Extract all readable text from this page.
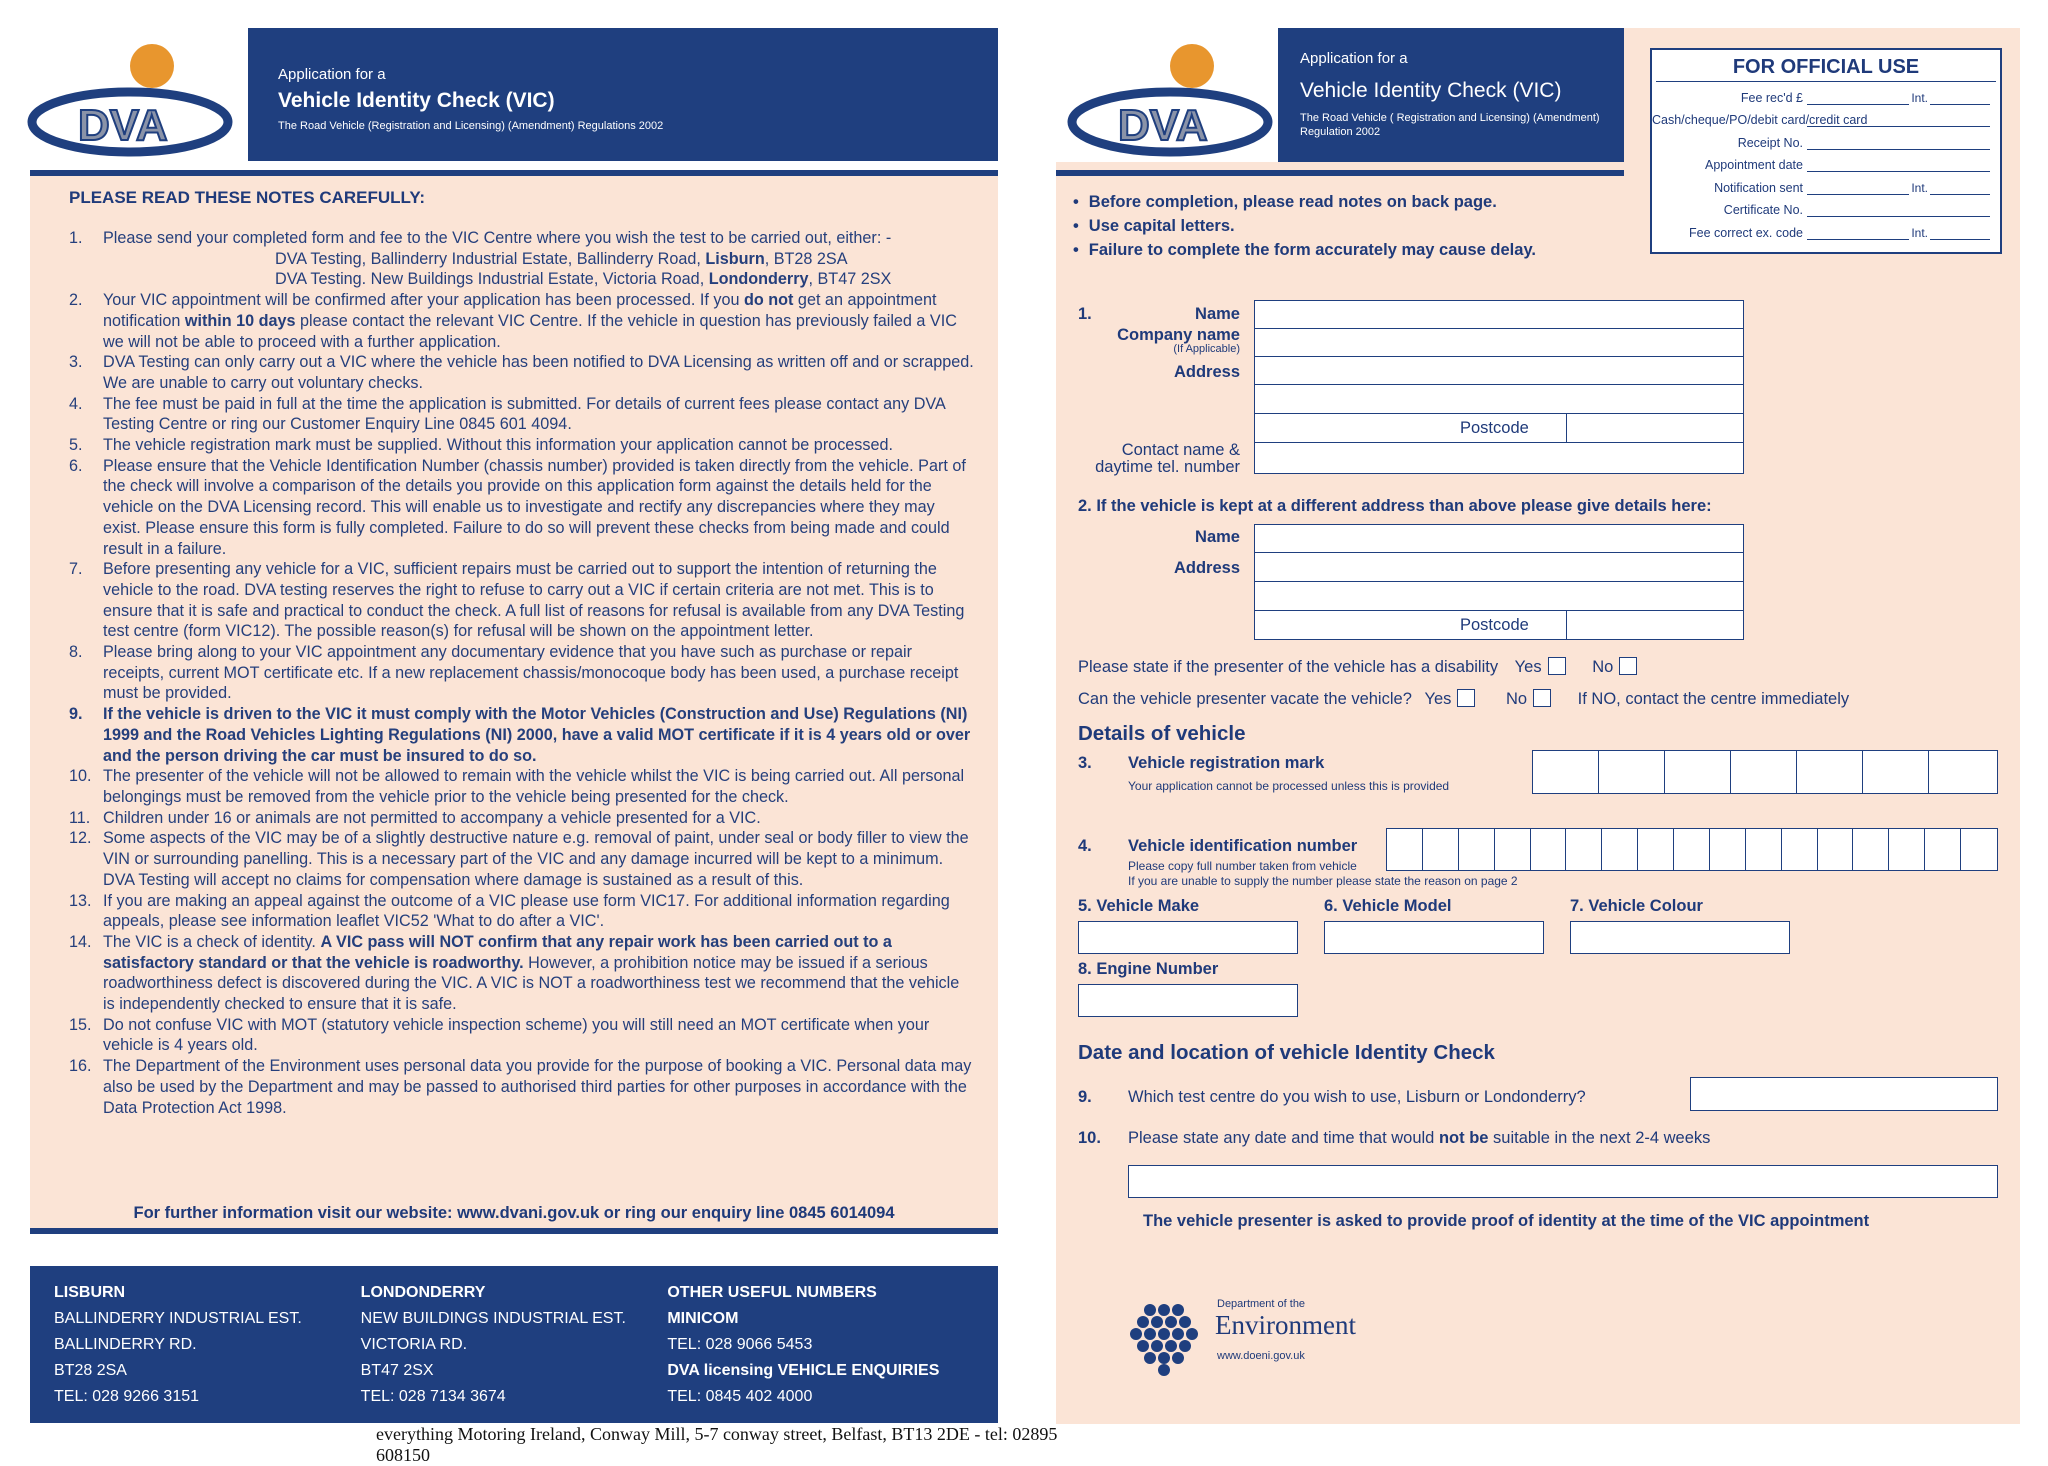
DVA
Application for a
Vehicle Identity Check (VIC)
The Road Vehicle (Registration and Licensing) (Amendment) Regulations 2002
PLEASE READ THESE NOTES CAREFULLY:
1.	Please send your completed form and fee to the VIC Centre where you wish the test to be carried out, either: -
DVA Testing, Ballinderry Industrial Estate, Ballinderry Road, Lisburn, BT28 2SA
DVA Testing. New Buildings Industrial Estate, Victoria Road, Londonderry, BT47 2SX
2.	Your VIC appointment will be confirmed after your application has been processed. If you do not get an appointment notification within 10 days please contact the relevant VIC Centre. If the vehicle in question has previously failed a VIC we will not be able to proceed with a further application.
3.	DVA Testing can only carry out a VIC where the vehicle has been notified to DVA Licensing as written off and or scrapped.
We are unable to carry out voluntary checks.
4.	The fee must be paid in full at the time the application is submitted. For details of current fees please contact any DVA Testing Centre or ring our Customer Enquiry Line 0845 601 4094.
5.	The vehicle registration mark must be supplied. Without this information your application cannot be processed.
6.	Please ensure that the Vehicle Identification Number (chassis number) provided is taken directly from the vehicle. Part of the check will involve a comparison of the details you provide on this application form against the details held for the vehicle on the DVA Licensing record. This will enable us to investigate and rectify any discrepancies where they may exist. Please ensure this form is fully completed. Failure to do so will prevent these checks from being made and could result in a failure.
7.	Before presenting any vehicle for a VIC, sufficient repairs must be carried out to support the intention of returning the vehicle to the road. DVA testing reserves the right to refuse to carry out a VIC if certain criteria are not met. This is to ensure that it is safe and practical to conduct the check. A full list of reasons for refusal is available from any DVA Testing test centre (form VIC12). The possible reason(s) for refusal will be shown on the appointment letter.
8.	Please bring along to your VIC appointment any documentary evidence that you have such as purchase or repair receipts, current MOT certificate etc. If a new replacement chassis/monocoque body has been used, a purchase receipt must be provided.
9.	If the vehicle is driven to the VIC it must comply with the Motor Vehicles (Construction and Use) Regulations (NI) 1999 and the Road Vehicles Lighting Regulations (NI) 2000, have a valid MOT certificate if it is 4 years old or over and the person driving the car must be insured to do so.
10. The presenter of the vehicle will not be allowed to remain with the vehicle whilst the VIC is being carried out. All personal belongings must be removed from the vehicle prior to the vehicle being presented for the check.
11. Children under 16 or animals are not permitted to accompany a vehicle presented for a VIC.
12. Some aspects of the VIC may be of a slightly destructive nature e.g. removal of paint, under seal or body filler to view the VIN or surrounding panelling. This is a necessary part of the VIC and any damage incurred will be kept to a minimum. DVA Testing will accept no claims for compensation where damage is sustained as a result of this.
13. If you are making an appeal against the outcome of a VIC please use form VIC17. For additional information regarding appeals, please see information leaflet VIC52 'What to do after a VIC'.
14. The VIC is a check of identity. A VIC pass will NOT confirm that any repair work has been carried out to a satisfactory standard or that the vehicle is roadworthy. However, a prohibition notice may be issued if a serious roadworthiness defect is discovered during the VIC. A VIC is NOT a roadworthiness test we recommend that the vehicle is independently checked to ensure that it is safe.
15. Do not confuse VIC with MOT (statutory vehicle inspection scheme) you will still need an MOT certificate when your vehicle is 4 years old.
16. The Department of the Environment uses personal data you provide for the purpose of booking a VIC. Personal data may also be used by the Department and may be passed to authorised third parties for other purposes in accordance with the Data Protection Act 1998.
For further information visit our website: www.dvani.gov.uk or ring our enquiry line 0845 6014094
LISBURN
BALLINDERRY INDUSTRIAL EST.
BALLINDERRY RD.
BT28 2SA
TEL: 028 9266 3151
LONDONDERRY
NEW BUILDINGS INDUSTRIAL EST.
VICTORIA RD.
BT47 2SX
TEL: 028 7134 3674
OTHER USEFUL NUMBERS
MINICOM
TEL: 028 9066 5453
DVA licensing VEHICLE ENQUIRIES
TEL: 0845 402 4000
everything Motoring Ireland, Conway Mill, 5-7 conway street, Belfast, BT13 2DE - tel: 02895 608150
DVA
Application for a
Vehicle Identity Check (VIC)
The Road Vehicle ( Registration and Licensing) (Amendment) Regulation 2002
FOR OFFICIAL USE
Fee rec'd £	Int.
Cash/cheque/PO/debit card/credit card
Receipt No.
Appointment date
Notification sent	Int.
Certificate No.
Fee correct ex. code	Int.
• Before completion, please read notes on back page.
• Use capital letters.
• Failure to complete the form accurately may cause delay.
1.	Name
Company name
(If Applicable)
Address
Postcode
Contact name &
daytime tel. number
2. If the vehicle is kept at a different address than above please give details here:
Name
Address
Postcode
Please state if the presenter of the vehicle has a disability Yes	No
Can the vehicle presenter vacate the vehicle? Yes	No	If NO, contact the centre immediately
Details of vehicle
3. Vehicle registration mark
Your application cannot be processed unless this is provided
4. Vehicle identification number
Please copy full number taken from vehicle
If you are unable to supply the number please state the reason on page 2
5. Vehicle Make	6. Vehicle Model	7. Vehicle Colour
8. Engine Number
Date and location of vehicle Identity Check
9. Which test centre do you wish to use, Lisburn or Londonderry?
10. Please state any date and time that would not be suitable in the next 2-4 weeks
The vehicle presenter is asked to provide proof of identity at the time of the VIC appointment
Department of the
Environment
www.doeni.gov.uk
